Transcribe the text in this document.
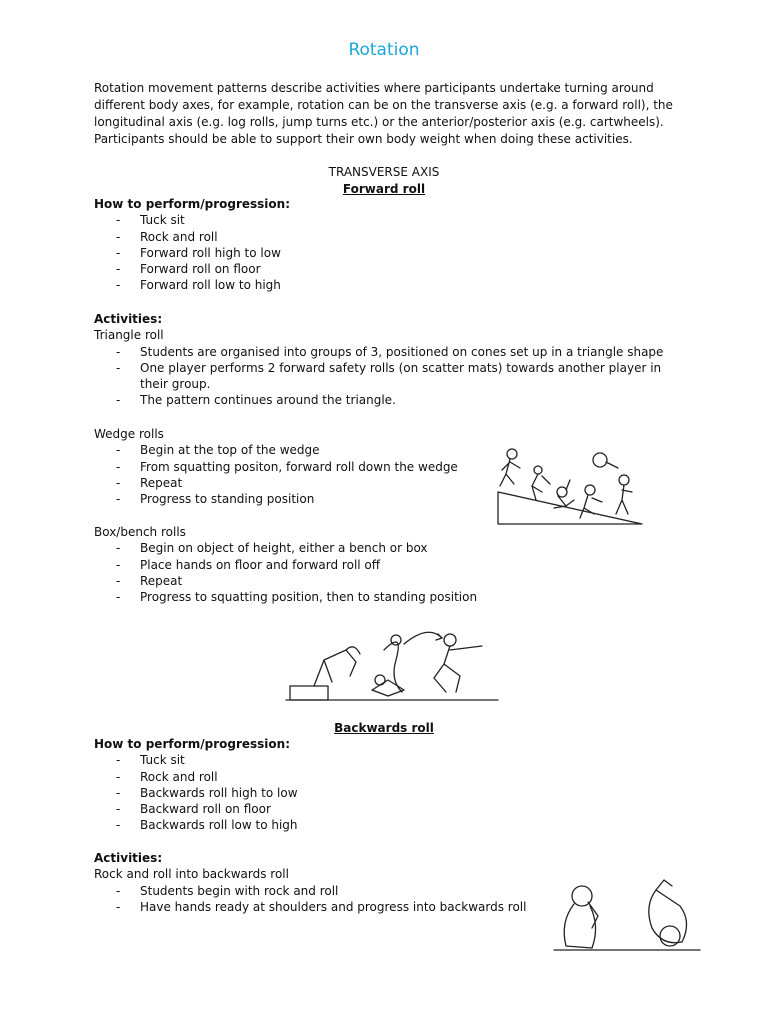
Rotation

Rotation movement patterns describe activities where participants undertake turning around different body axes, for example, rotation can be on the transverse axis (e.g. a forward roll), the longitudinal axis (e.g. log rolls, jump turns etc.) or the anterior/posterior axis (e.g. cartwheels). Participants should be able to support their own body weight when doing these activities.

TRANSVERSE AXIS
Forward roll
How to perform/progression:
- Tuck sit
- Rock and roll
- Forward roll high to low
- Forward roll on floor
- Forward roll low to high
Activities:
Triangle roll
- Students are organised into groups of 3, positioned on cones set up in a triangle shape
- One player performs 2 forward safety rolls (on scatter mats) towards another player in their group.
- The pattern continues around the triangle.
Wedge rolls
- Begin at the top of the wedge
- From squatting positon, forward roll down the wedge
- Repeat
- Progress to standing position
Box/bench rolls
- Begin on object of height, either a bench or box
- Place hands on floor and forward roll off
- Repeat
- Progress to squatting position, then to standing position
Backwards roll
How to perform/progression:
- Tuck sit
- Rock and roll
- Backwards roll high to low
- Backward roll on floor
- Backwards roll low to high
Activities:
Rock and roll into backwards roll
- Students begin with rock and roll
- Have hands ready at shoulders and progress into backwards roll
